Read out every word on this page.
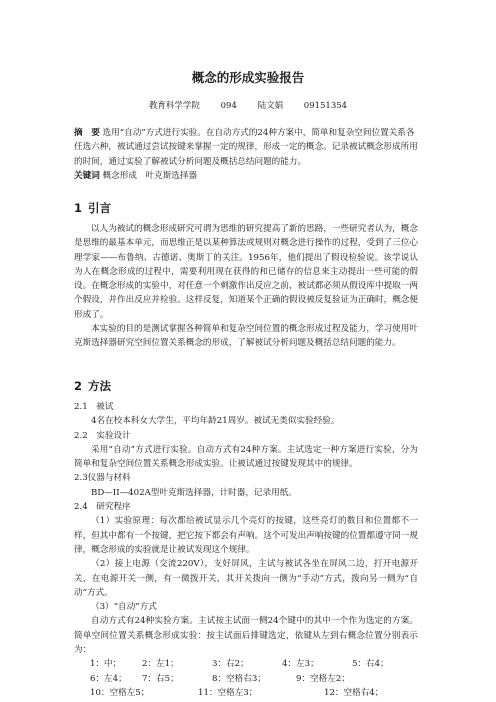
概念的形成实验报告
教育科学学院 094 陆文娟 09151354

摘　要 选用“自动”方式进行实验。在自动方式的24种方案中，简单和复杂空间位置关系各任选六种，被试通过尝试按键来掌握一定的规律，形成一定的概念。记录被试概念形成所用的时间，通过实验了解被试分析问题及概括总结问题的能力。

关键词 概念形成　叶克斯选择器

1 引言

以人为被试的概念形成研究可谓为思维的研究提高了新的思路，一些研究者认为，概念是思维的最基本单元，而思维正是以某种算法或规则对概念进行操作的过程，受到了三位心理学家——布鲁纳、古德诺、奥斯丁的关注。1956年，他们提出了假设检验说。该学说认为人在概念形成的过程中，需要利用现在获得的和已储存的信息来主动提出一些可能的假设。在概念形成的实验中，对任意一个刺激作出反应之前，被试都必须从假设库中提取一两个假设，并作出反应并检验。这样反复，知道某个正确的假设被反复验证为正确时，概念便形成了。

本实验的目的是测试掌握各种简单和复杂空间位置的概念形成过程及能力，学习使用叶克斯选择器研究空间位置关系概念的形成，了解被试分析问题及概括总结问题的能力。

2 方法

2.1　被试

4名在校本科女大学生，平均年龄21周岁。被试无类似实验经验。

2.2　实验设计

采用“自动”方式进行实验。自动方式有24种方案。主试选定一种方案进行实验，分为简单和复杂空间位置关系概念形成实验。让被试通过按键发现其中的规律。

2.3仪器与材料

BD—II—402A型叶克斯选择器，计时器，记录用纸。

2.4　研究程序

（1）实验原理：每次都给被试显示几个亮灯的按键，这些亮灯的数目和位置都不一样，但其中都有一个按键，把它按下都会有声响。这个可发出声响按键的位置都遵守同一规律，概念形成的实验就是让被试发现这个规律。

（2）接上电源（交流220V），支好屏风，主试与被试各坐在屏风二边，打开电源开关，在电源开关一侧，有一微拨开关，其开关拨向一侧为“手动”方式，拨向另一侧为“自动”方式。

（3）“自动”方式

自动方式有24种实验方案。主试按主试面一侧24个键中的其中一个作为选定的方案。简单空间位置关系概念形成实验：按主试面后排键选定，依键从左到右概念位置分别表示为：

1：中；	2：左1；	3：右2；	4：左3；	5：右4；
6：左4；	7：右5；	8：空格右3；	9：空格左2；
10：空格左5；	11：空格左3；	12：空格右4；
